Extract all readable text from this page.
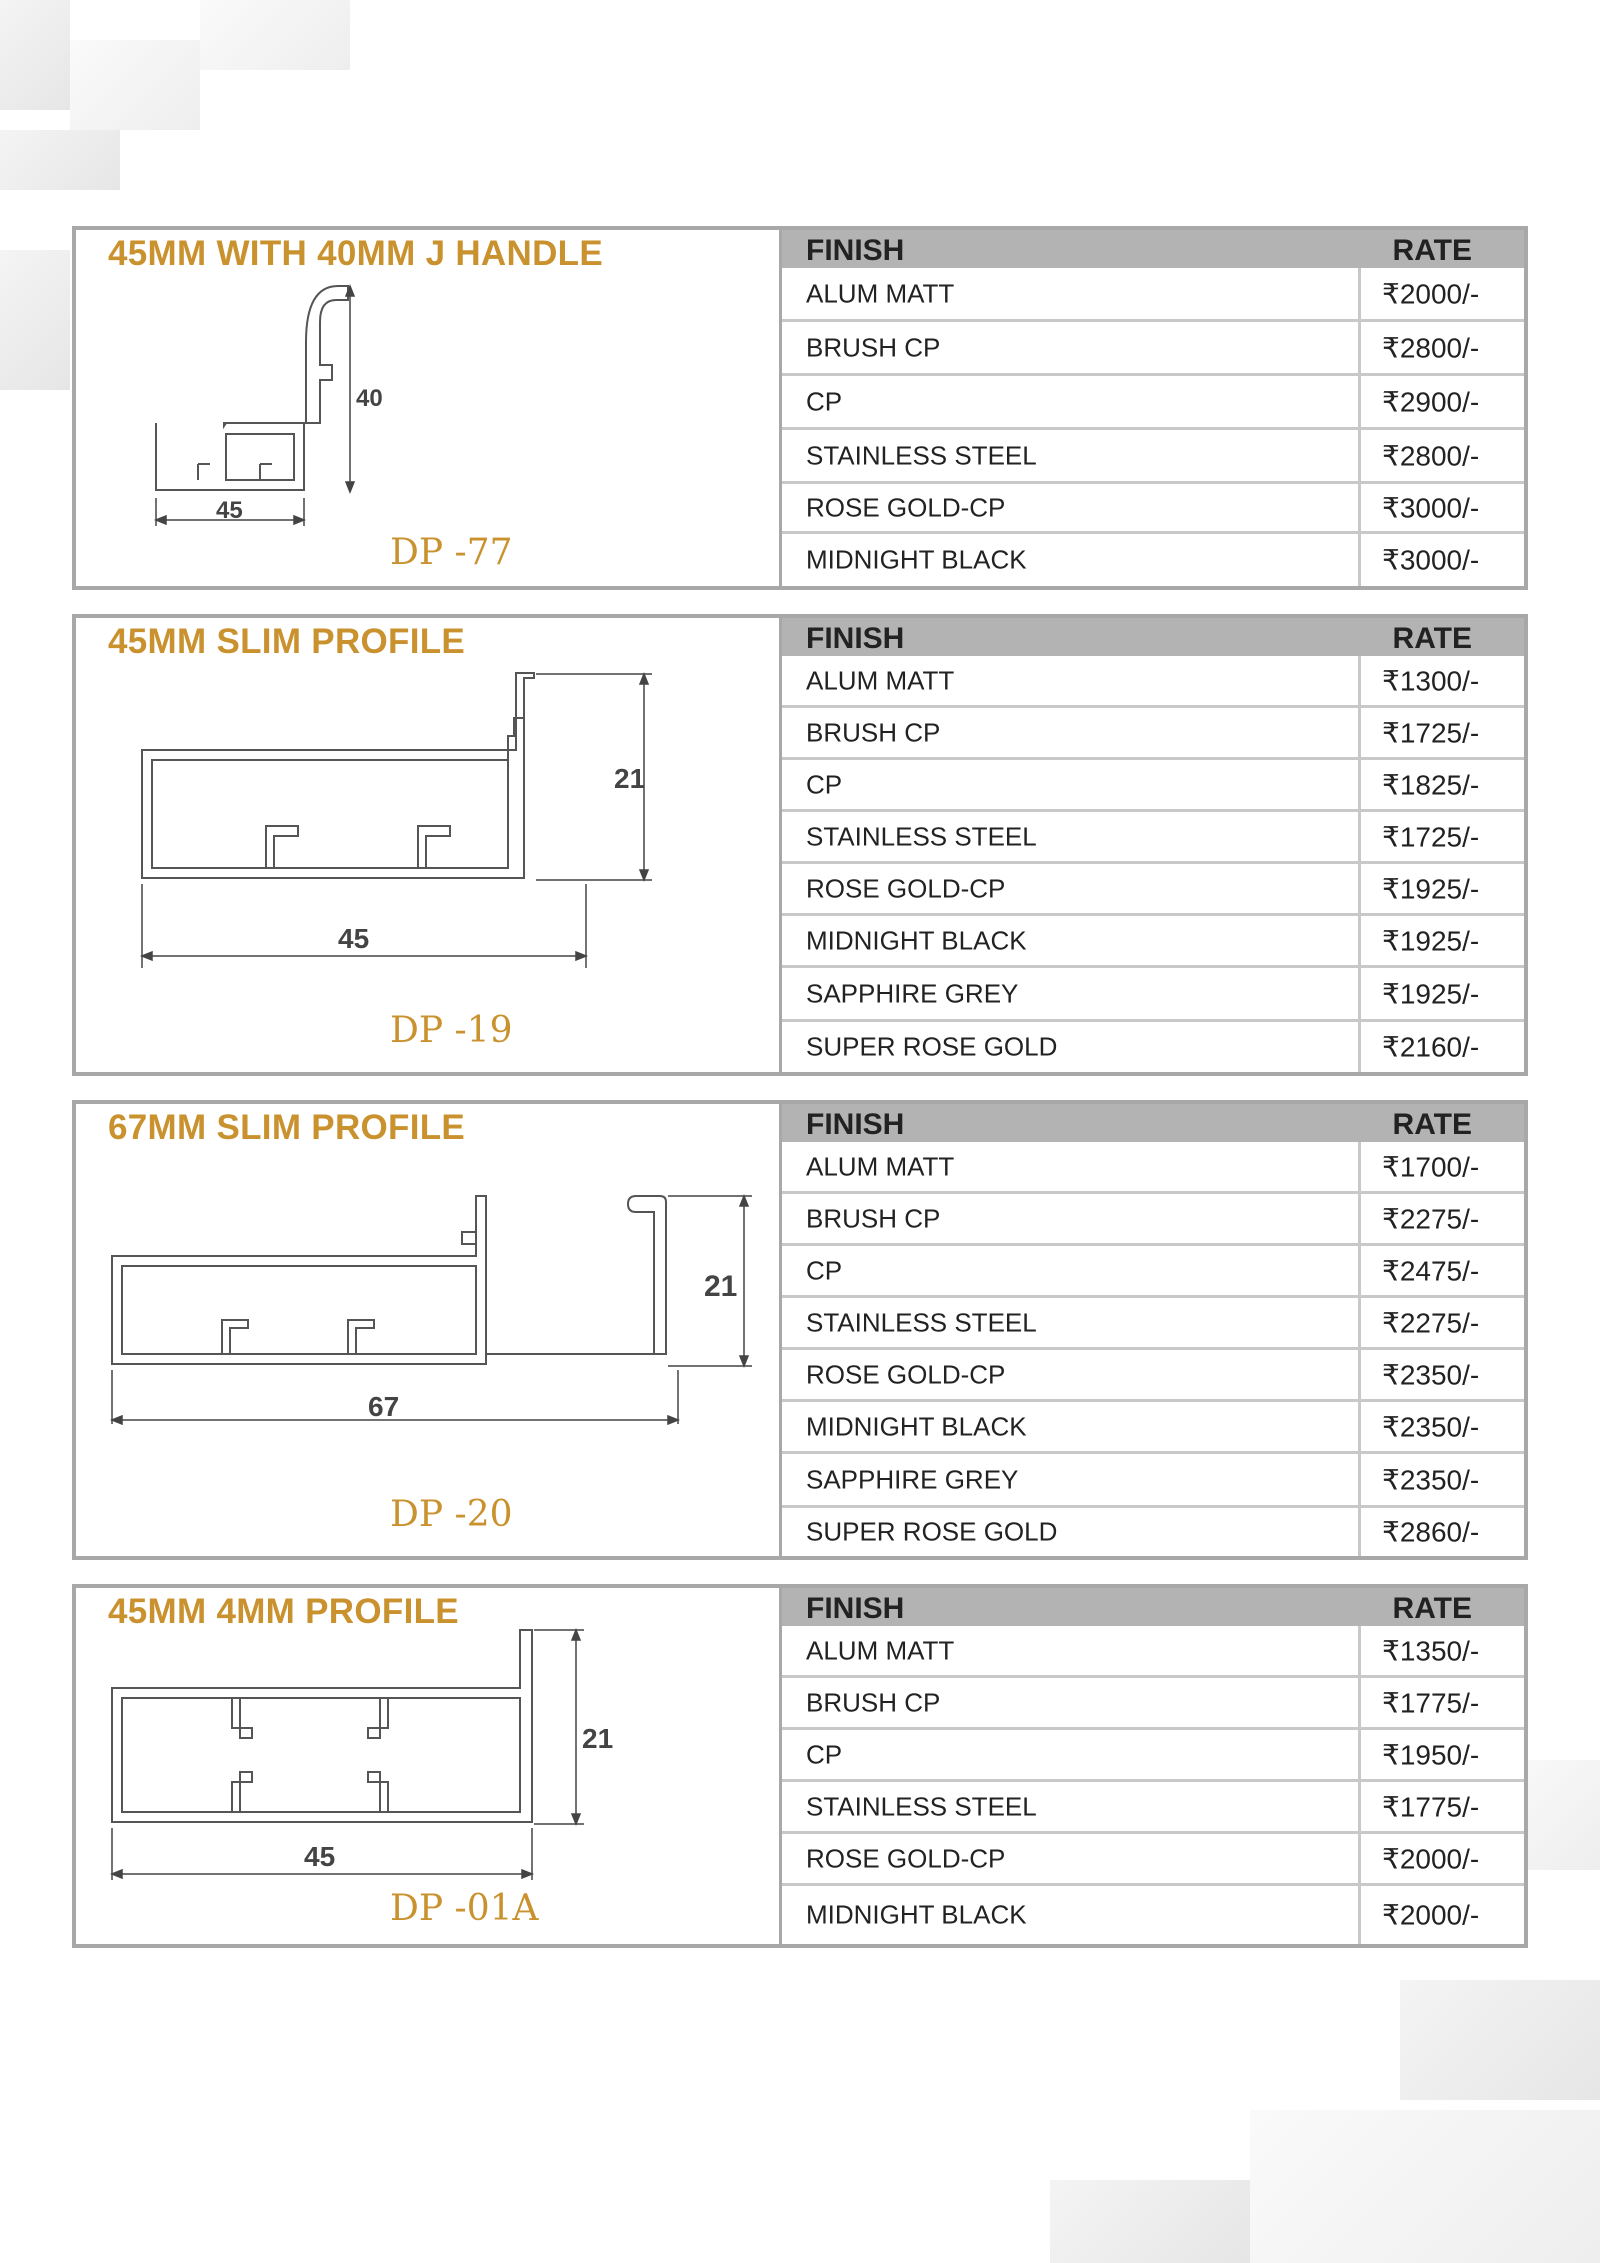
45MM WITH 40MM J HANDLE
40
45
DP -77
FINISH	RATE
ALUM MATT	₹2000/-
BRUSH CP	₹2800/-
CP	₹2900/-
STAINLESS STEEL	₹2800/-
ROSE GOLD-CP	₹3000/-
MIDNIGHT BLACK	₹3000/-
45MM SLIM PROFILE
21
45
DP -19
FINISH	RATE
ALUM MATT	₹1300/-
BRUSH CP	₹1725/-
CP	₹1825/-
STAINLESS STEEL	₹1725/-
ROSE GOLD-CP	₹1925/-
MIDNIGHT BLACK	₹1925/-
SAPPHIRE GREY	₹1925/-
SUPER ROSE GOLD	₹2160/-
67MM SLIM PROFILE
21
67
DP -20
FINISH	RATE
ALUM MATT	₹1700/-
BRUSH CP	₹2275/-
CP	₹2475/-
STAINLESS STEEL	₹2275/-
ROSE GOLD-CP	₹2350/-
MIDNIGHT BLACK	₹2350/-
SAPPHIRE GREY	₹2350/-
SUPER ROSE GOLD	₹2860/-
45MM 4MM PROFILE
21
45
DP -01A
FINISH	RATE
ALUM MATT	₹1350/-
BRUSH CP	₹1775/-
CP	₹1950/-
STAINLESS STEEL	₹1775/-
ROSE GOLD-CP	₹2000/-
MIDNIGHT BLACK	₹2000/-
